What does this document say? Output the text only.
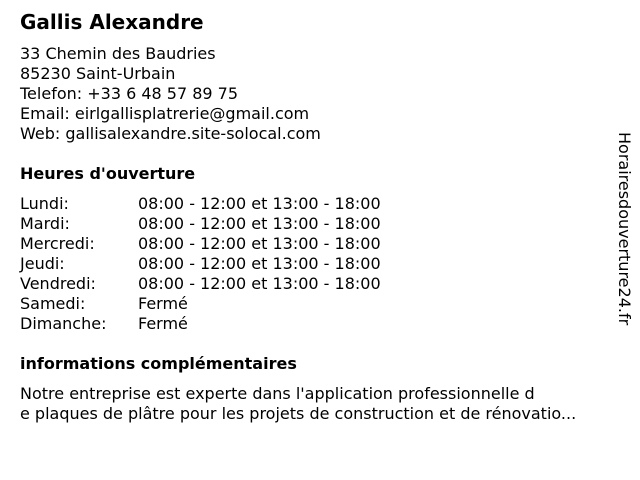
Gallis Alexandre
33 Chemin des Baudries
85230 Saint-Urbain
Telefon: +33 6 48 57 89 75
Email: eirlgallisplatrerie@gmail.com
Web: gallisalexandre.site-solocal.com
Heures d'ouverture
Lundi:	08:00 - 12:00 et 13:00 - 18:00
Mardi:	08:00 - 12:00 et 13:00 - 18:00
Mercredi:	08:00 - 12:00 et 13:00 - 18:00
Jeudi:	08:00 - 12:00 et 13:00 - 18:00
Vendredi:	08:00 - 12:00 et 13:00 - 18:00
Samedi:	Fermé
Dimanche:	Fermé
informations complémentaires
Notre entreprise est experte dans l'application professionnelle d
e plaques de plâtre pour les projets de construction et de rénovatio...
Horairesdouverture24.fr
